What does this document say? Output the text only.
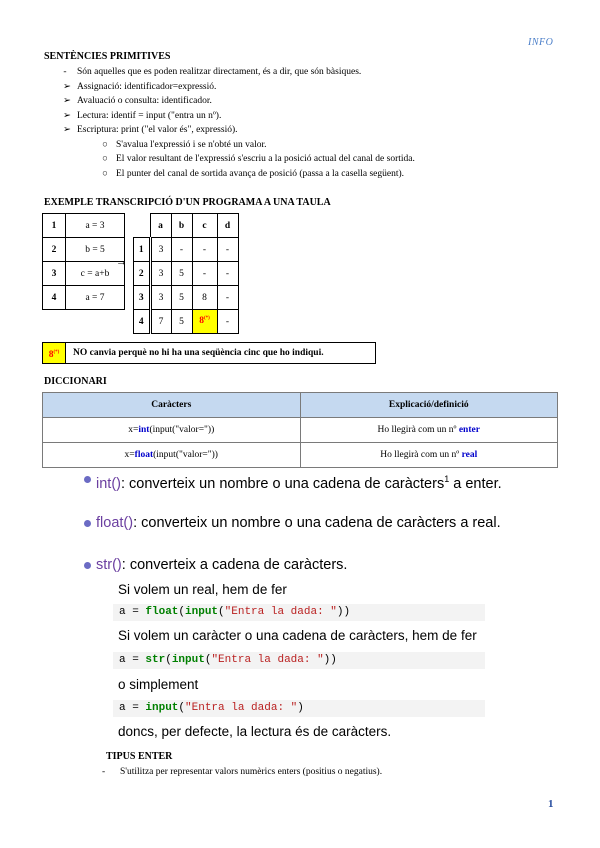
INFO
SENTÈNCIES PRIMITIVES
-	Són aquelles que es poden realitzar directament, és a dir, que són bàsiques.
➢ Assignació: identificador=expressió.
➢ Avaluació o consulta: identificador.
➢ Lectura: identif = input ("entra un nº).
➢ Escriptura: print ("el valor és", expressió).
○ S'avalua l'expressió i se n'obté un valor.
○ El valor resultant de l'expressió s'escriu a la posició actual del canal de sortida.
○ El punter del canal de sortida avança de posició (passa a la casella següent).
EXEMPLE TRANSCRIPCIÓ D'UN PROGRAMA A UNA TAULA
1	a = 3
2	b = 5
3	c = a+b
4	a = 7
→
	a	b	c	d
1	3	-	-	-
2	3	5	-	-
3	3	5	8	-
4	7	5	8(*)	-
8(*)	NO canvia perquè no hi ha una seqüència cinc que ho indiqui.
DICCIONARI
Caràcters	Explicació/definició
x=int(input("valor="))	Ho llegirà com un nº enter
x=float(input("valor="))	Ho llegirà com un nº real
int(): converteix un nombre o una cadena de caràcters$^1$ a enter.
float(): converteix un nombre o una cadena de caràcters a real.
str(): converteix a cadena de caràcters.
Si volem un real, hem de fer
a = float(input("Entra la dada: "))
Si volem un caràcter o una cadena de caràcters, hem de fer
a = str(input("Entra la dada: "))
o simplement
a = input("Entra la dada: ")
doncs, per defecte, la lectura és de caràcters.
TIPUS ENTER
- S'utilitza per representar valors numèrics enters (positius o negatius).
1
